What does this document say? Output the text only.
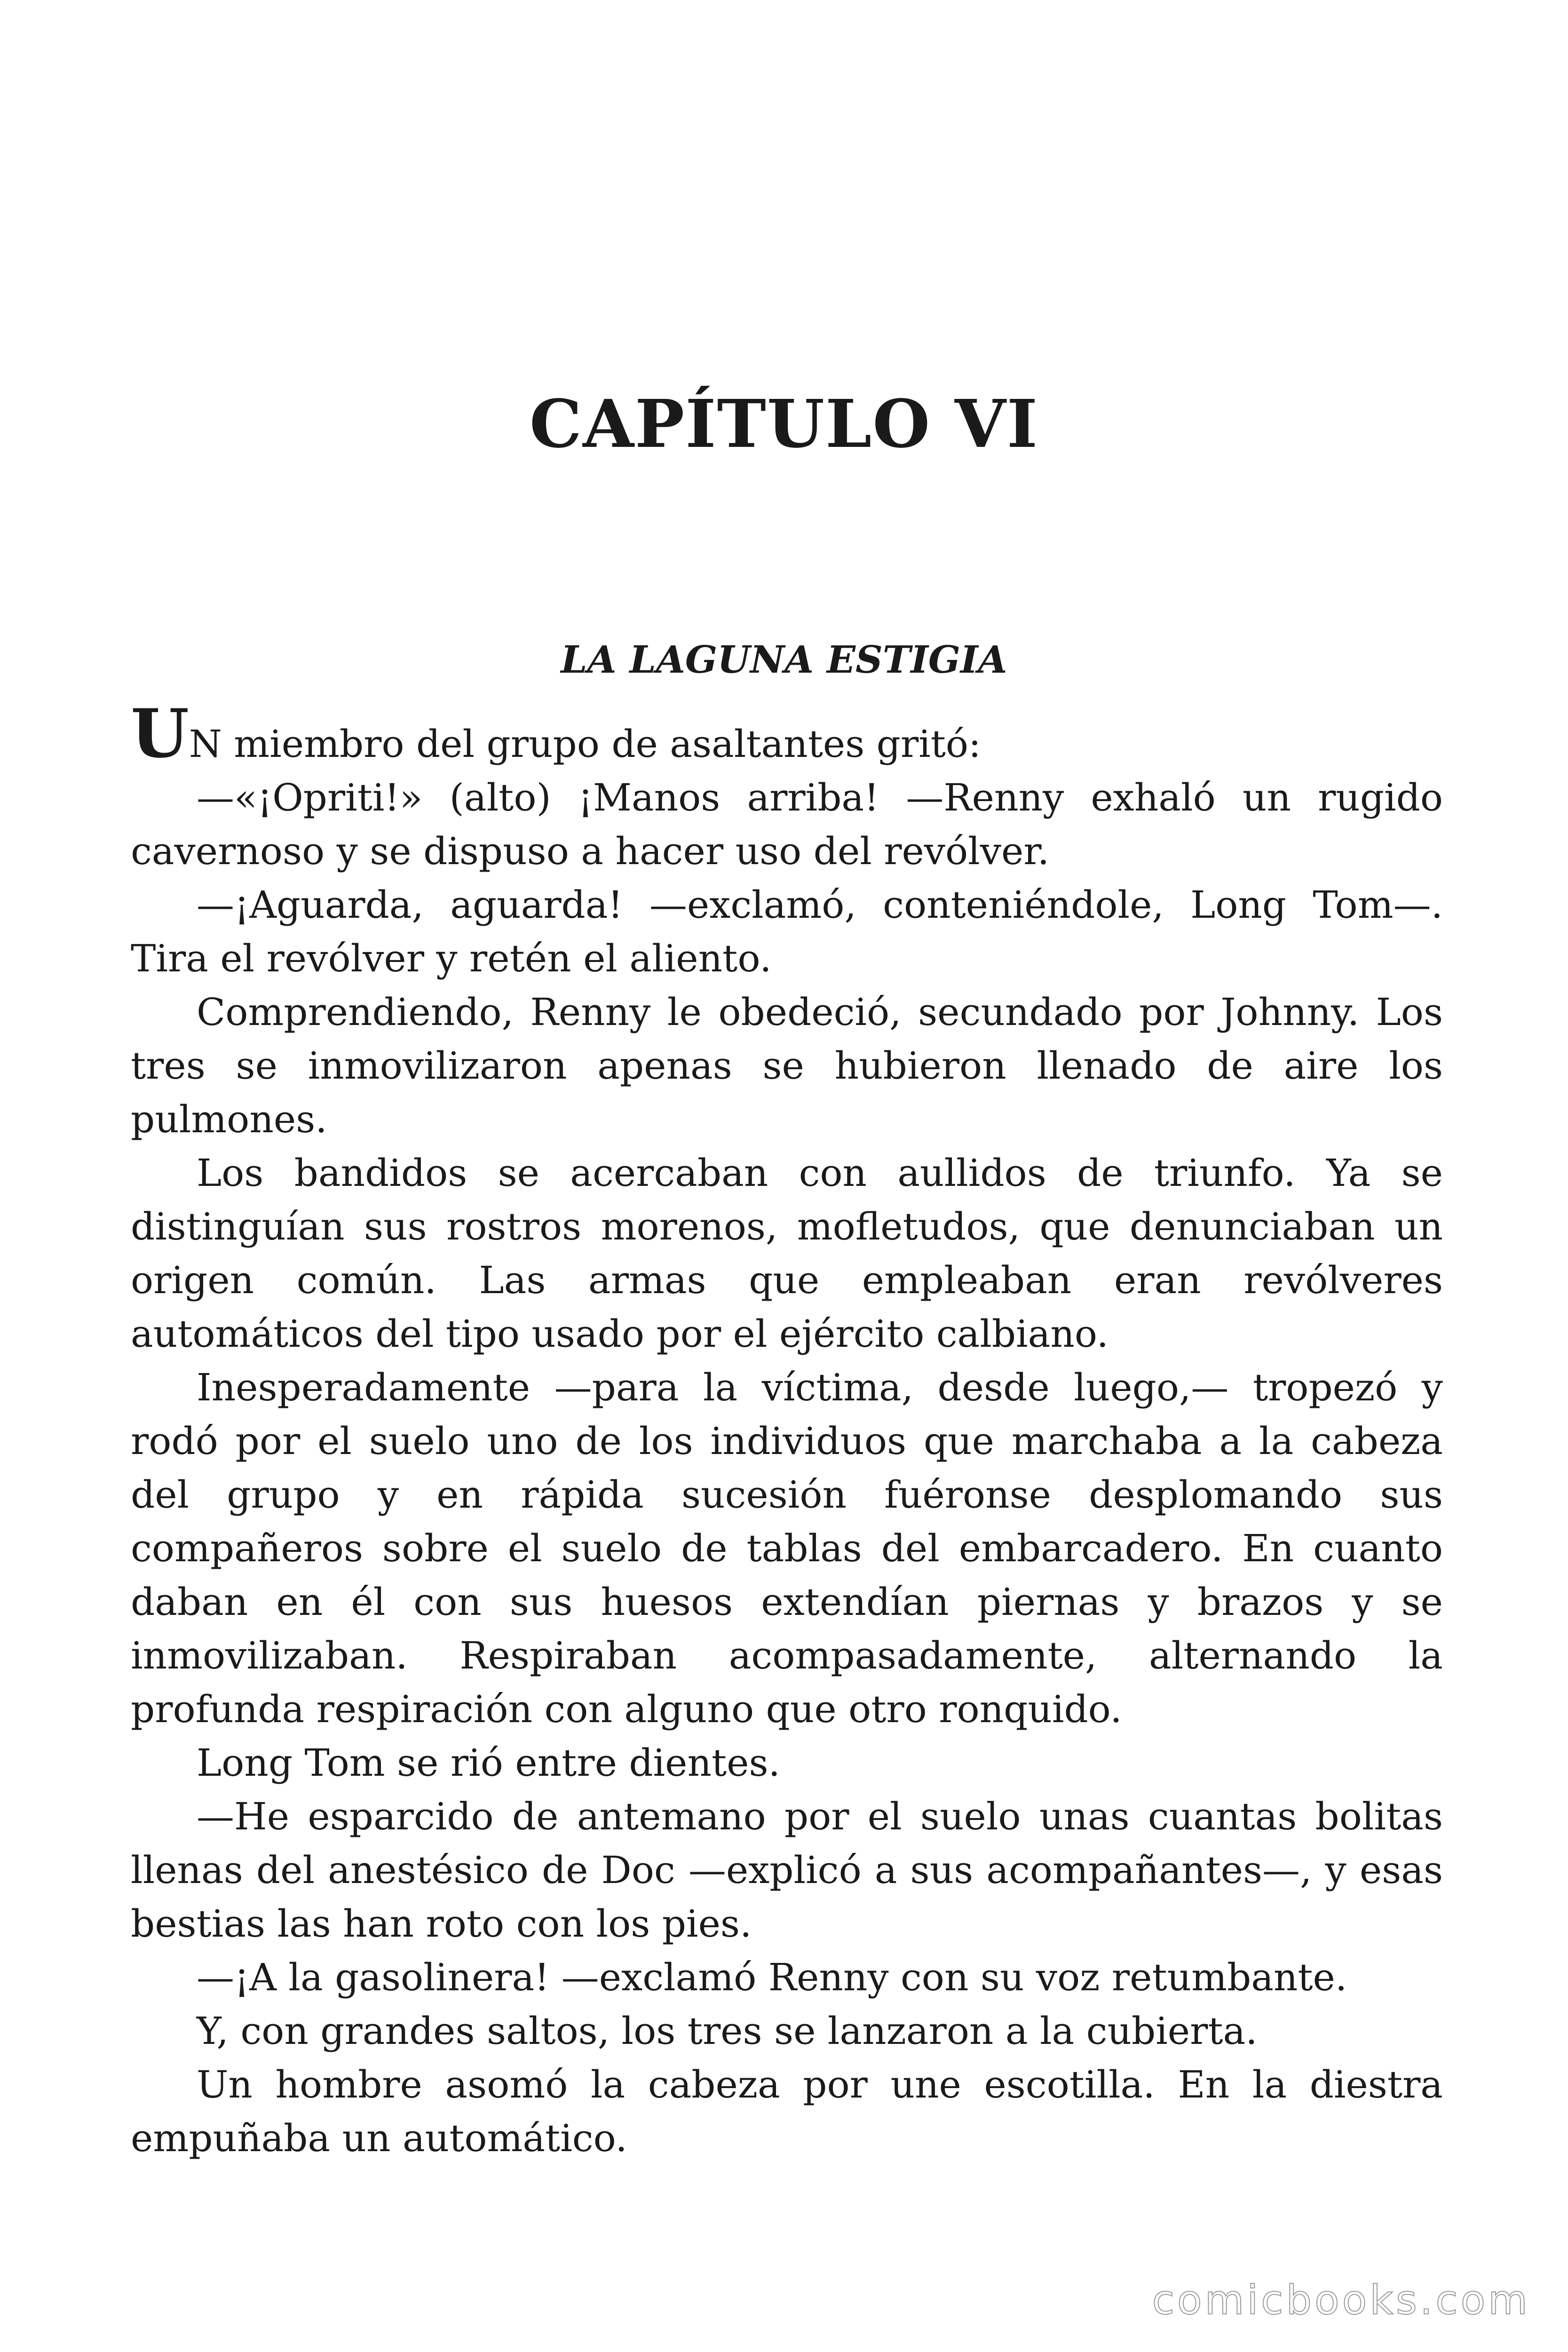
CAPÍTULO VI
LA LAGUNA ESTIGIA

UN miembro del grupo de asaltantes gritó:

—«¡Opriti!» (alto) ¡Manos arriba! —Renny exhaló un rugido cavernoso y se dispuso a hacer uso del revólver.

—¡Aguarda, aguarda! —exclamó, conteniéndole, Long Tom—. Tira el revólver y retén el aliento.

Comprendiendo, Renny le obedeció, secundado por Johnny. Los tres se inmovilizaron apenas se hubieron llenado de aire los pulmones.

Los bandidos se acercaban con aullidos de triunfo. Ya se distinguían sus rostros morenos, mofletudos, que denunciaban un origen común. Las armas que empleaban eran revólveres automáticos del tipo usado por el ejército calbiano.

Inesperadamente —para la víctima, desde luego,— tropezó y rodó por el suelo uno de los individuos que marchaba a la cabeza del grupo y en rápida sucesión fuéronse desplomando sus compañeros sobre el suelo de tablas del embarcadero. En cuanto daban en él con sus huesos extendían piernas y brazos y se inmovilizaban. Respiraban acompasadamente, alternando la profunda respiración con alguno que otro ronquido.

Long Tom se rió entre dientes.

—He esparcido de antemano por el suelo unas cuantas bolitas llenas del anestésico de Doc —explicó a sus acompañantes—, y esas bestias las han roto con los pies.

—¡A la gasolinera! —exclamó Renny con su voz retumbante.

Y, con grandes saltos, los tres se lanzaron a la cubierta.

Un hombre asomó la cabeza por une escotilla. En la diestra empuñaba un automático.

comicbooks.com
